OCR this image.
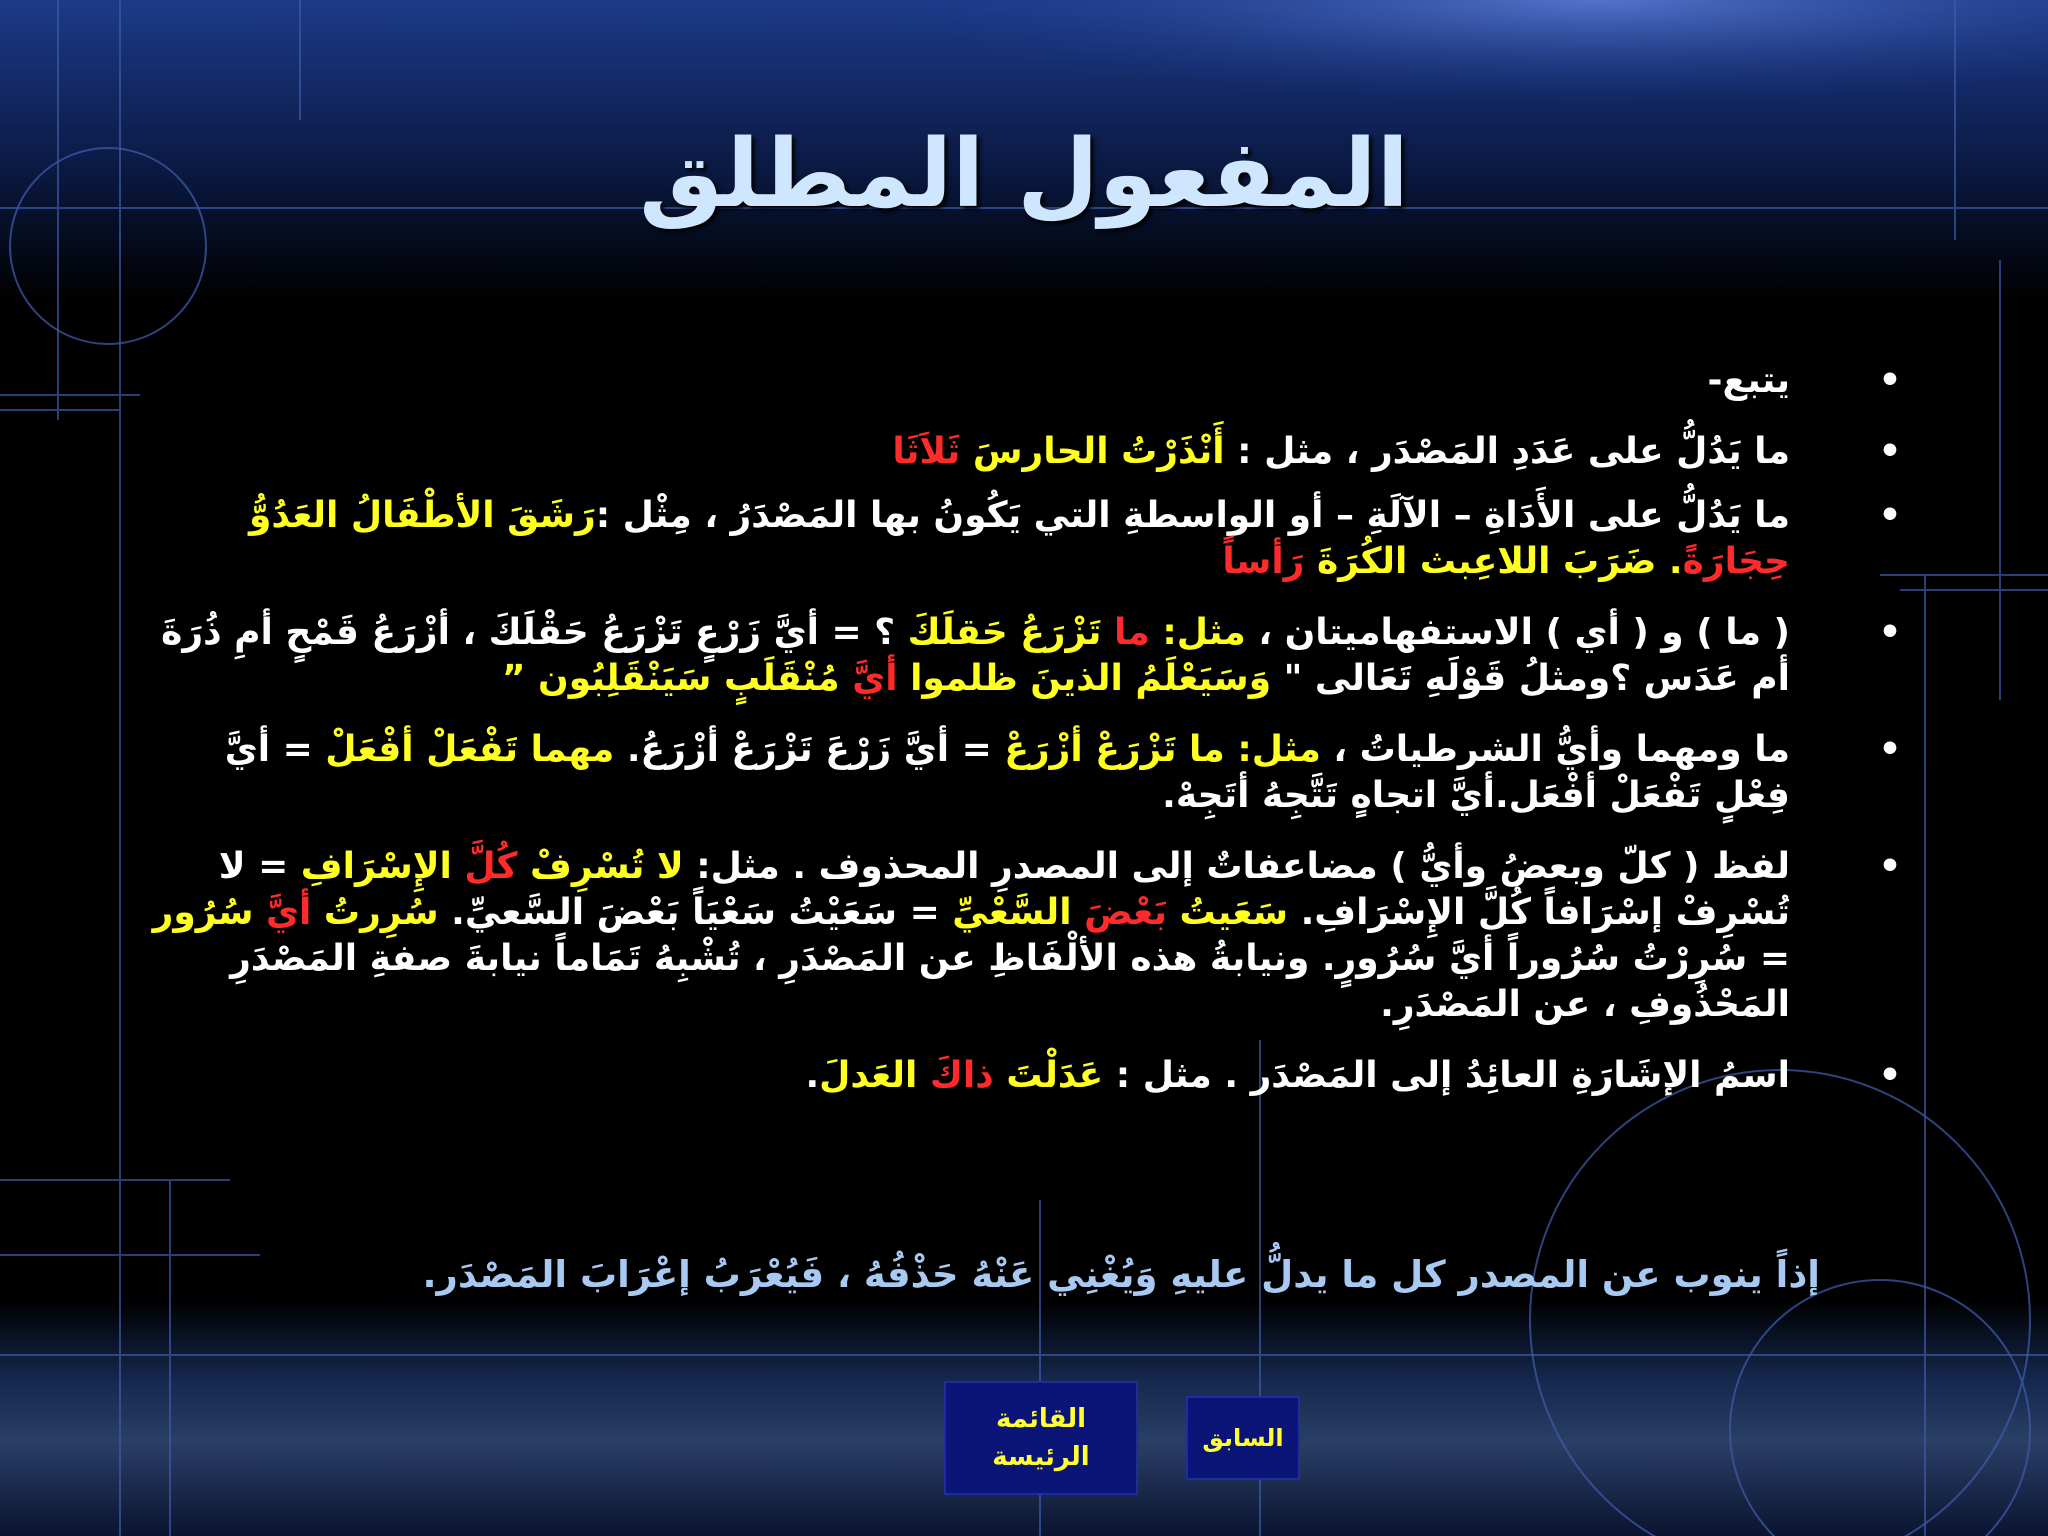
المفعول المطلق
•
يتبع-
•
ما يَدُلُّ على عَدَدِ المَصْدَر ، مثل : أَنْذَرْتُ الحارسَ ثَلاَثَا
•
ما يَدُلُّ على الأَدَاةِ – الآلَةِ – أو الواسطةِ التي يَكُونُ بها المَصْدَرُ ، مِثْل :رَشَقَ الأطْفَالُ العَدُوُّ حِجَارَةً. ضَرَبَ اللاعِبث الكُرَةَ رَأساً
•
( ما ) و ( أي ) الاستفهاميتان ، مثل: ما تَزْرَعُ حَقلَكَ ؟ = أيَّ زَرْعٍ تَزْرَعُ حَقْلَكَ ، أزْرَعُ قَمْحٍ أمِ ذُرَةَ أم عَدَس ؟ومثلُ قَوْلَهِ تَعَالى " وَسَيَعْلَمُ الذينَ ظلموا أيَّ مُنْقَلَبٍ سَيَنْقَلِبُون ”
•
ما ومهما وأيُّ الشرطياتُ ، مثل: ما تَزْرَعْ أزْرَعْ = أيَّ زَرْعَ تَزْرَعْ أزْرَعُ. مهما تَفْعَلْ أفْعَلْ = أيَّ فِعْلٍ تَفْعَلْ أفْعَل.أيَّ اتجاهٍ تَتَّجِهُ أتَجِهْ.
•
لفظ ( كلّ وبعضُ وأيُّ ) مضاعفاتٌ إلى المصدرِ المحذوف . مثل: لا تُسْرِفْ كُلَّ الإِسْرَافِ = لا تُسْرِفْ إسْرَافاً كُلَّ الإِسْرَافِ. سَعَيتُ بَعْضَ السَّعْيِّ = سَعَيْتُ سَعْيَاً بَعْضَ السَّعيِّ. سُرِرتُ أيَّ سُرُور = سُرِرْتُ سُرُوراً أيَّ سُرُورٍ. ونيابةُ هذه الألْفَاظِ عن المَصْدَرِ ، تُشْبِهُ تَمَاماً نيابةَ صفةِ المَصْدَرِ المَحْذُوفِ ، عن المَصْدَرِ.
•
اسمُ الإشَارَةِ العائِدُ إلى المَصْدَر . مثل : عَدَلْتَ ذاكَ العَدلَ.
إذاً ينوب عن المصدر كل ما يدلُّ عليهِ وَيُغْنِي عَنْهُ حَذْفُهُ ، فَيُعْرَبُ إعْرَابَ المَصْدَر.
القائمة الرئيسة
السابق
